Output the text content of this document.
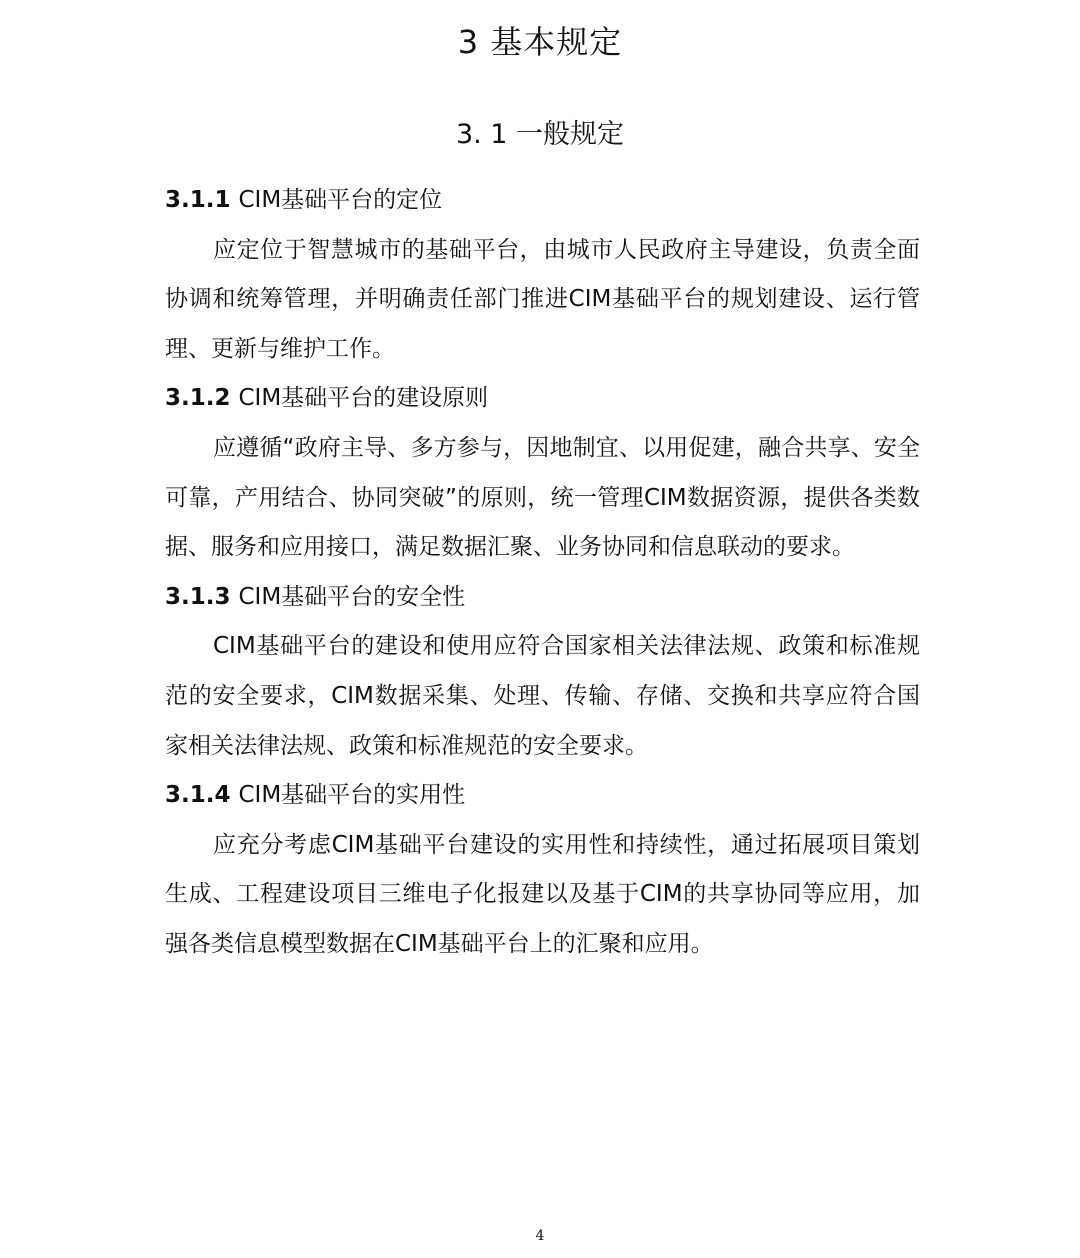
3 基本规定
3. 1 一般规定

3.1.1 CIM基础平台的定位

应定位于智慧城市的基础平台，由城市人民政府主导建设，负责全面协调和统筹管理，并明确责任部门推进CIM基础平台的规划建设、运行管理、更新与维护工作。

3.1.2 CIM基础平台的建设原则

应遵循“政府主导、多方参与，因地制宜、以用促建，融合共享、安全可靠，产用结合、协同突破”的原则，统一管理CIM数据资源，提供各类数据、服务和应用接口，满足数据汇聚、业务协同和信息联动的要求。

3.1.3 CIM基础平台的安全性

CIM基础平台的建设和使用应符合国家相关法律法规、政策和标准规范的安全要求，CIM数据采集、处理、传输、存储、交换和共享应符合国家相关法律法规、政策和标准规范的安全要求。

3.1.4 CIM基础平台的实用性

应充分考虑CIM基础平台建设的实用性和持续性，通过拓展项目策划生成、工程建设项目三维电子化报建以及基于CIM的共享协同等应用，加强各类信息模型数据在CIM基础平台上的汇聚和应用。

4
